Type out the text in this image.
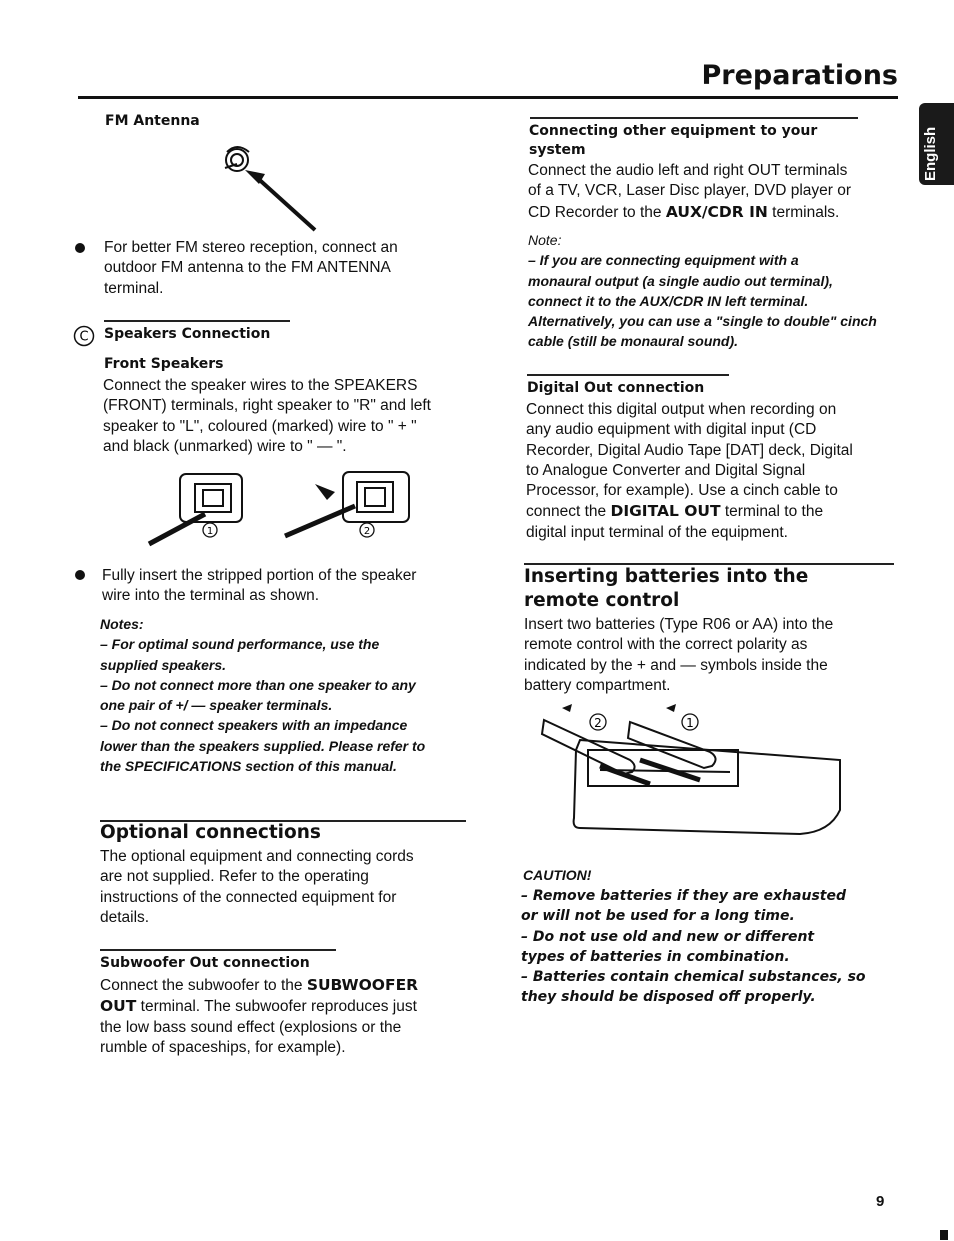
Preparations
English
FM Antenna
For better FM stereo reception, connect an
outdoor FM antenna to the FM ANTENNA
terminal.
C Speakers Connection
Front Speakers
Connect the speaker wires to the SPEAKERS
(FRONT) terminals, right speaker to "R" and left
speaker to "L", coloured (marked) wire to " + "
and black (unmarked) wire to " — ".
1	2
Fully insert the stripped portion of the speaker
wire into the terminal as shown.
Notes:
– For optimal sound performance, use the
supplied speakers.
– Do not connect more than one speaker to any
one pair of +/ — speaker terminals.
– Do not connect speakers with an impedance
lower than the speakers supplied. Please refer to
the SPECIFICATIONS section of this manual.
Optional connections
The optional equipment and connecting cords
are not supplied. Refer to the operating
instructions of the connected equipment for
details.
Subwoofer Out connection
Connect the subwoofer to the SUBWOOFER
OUT terminal. The subwoofer reproduces just
the low bass sound effect (explosions or the
rumble of spaceships, for example).
Connecting other equipment to your
system
Connect the audio left and right OUT terminals
of a TV, VCR, Laser Disc player, DVD player or
CD Recorder to the AUX/CDR IN terminals.
Note:
– If you are connecting equipment with a
monaural output (a single audio out terminal),
connect it to the AUX/CDR IN left terminal.
Alternatively, you can use a "single to double" cinch
cable (still be monaural sound).
Digital Out connection
Connect this digital output when recording on
any audio equipment with digital input (CD
Recorder, Digital Audio Tape [DAT] deck, Digital
to Analogue Converter and Digital Signal
Processor, for example). Use a cinch cable to
connect the DIGITAL OUT terminal to the
digital input terminal of the equipment.
Inserting batteries into the
remote control
Insert two batteries (Type R06 or AA) into the
remote control with the correct polarity as
indicated by the + and — symbols inside the
battery compartment.
2	1
CAUTION!
– Remove batteries if they are exhausted
or will not be used for a long time.
– Do not use old and new or different
types of batteries in combination.
– Batteries contain chemical substances, so
they should be disposed off properly.
9
